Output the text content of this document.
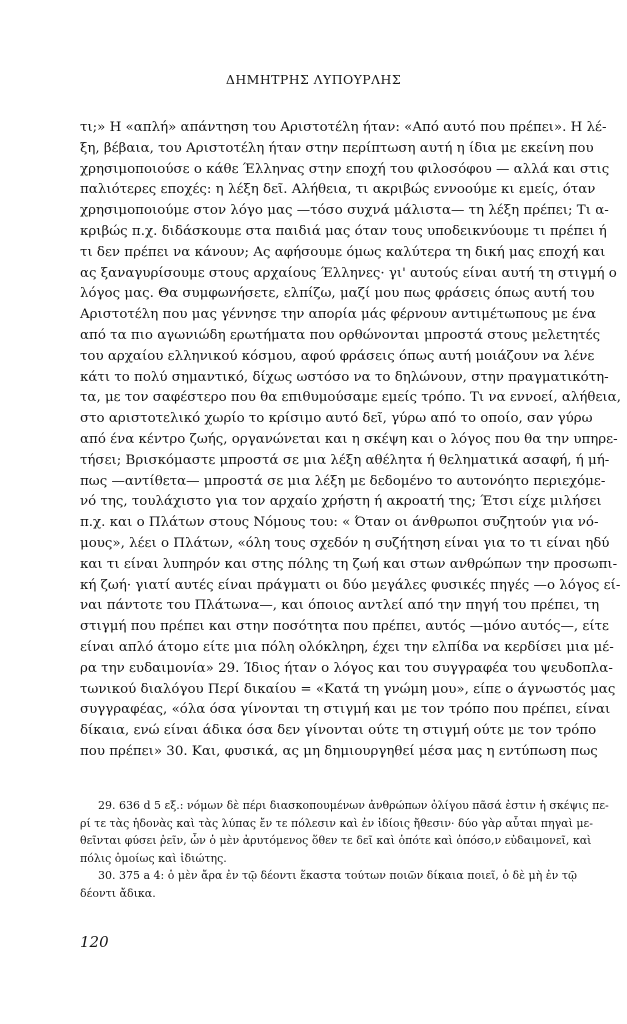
ΔΗΜΗΤΡΗΣ ΛΥΠΟΥΡΛΗΣ
τι;» Η «απλή» απάντηση του Αριστοτέλη ήταν: «Από αυτό που πρέπει». Η λέ-
ξη, βέβαια, του Αριστοτέλη ήταν στην περίπτωση αυτή η ίδια με εκείνη που
χρησιμοποιούσε ο κάθε Έλληνας στην εποχή του φιλοσόφου — αλλά και στις
παλιότερες εποχές: η λέξη δεῖ. Αλήθεια, τι ακριβώς εννοούμε κι εμείς, όταν
χρησιμοποιούμε στον λόγο μας —τόσο συχνά μάλιστα— τη λέξη πρέπει; Τι α-
κριβώς π.χ. διδάσκουμε στα παιδιά μας όταν τους υποδεικνύουμε τι πρέπει ή
τι δεν πρέπει να κάνουν; Ας αφήσουμε όμως καλύτερα τη δική μας εποχή και
ας ξαναγυρίσουμε στους αρχαίους Έλληνες· γι' αυτούς είναι αυτή τη στιγμή ο
λόγος μας. Θα συμφωνήσετε, ελπίζω, μαζί μου πως φράσεις όπως αυτή του
Αριστοτέλη που μας γέννησε την απορία μάς φέρνουν αντιμέτωπους με ένα
από τα πιο αγωνιώδη ερωτήματα που ορθώνονται μπροστά στους μελετητές
του αρχαίου ελληνικού κόσμου, αφού φράσεις όπως αυτή μοιάζουν να λένε
κάτι το πολύ σημαντικό, δίχως ωστόσο να το δηλώνουν, στην πραγματικότη-
τα, με τον σαφέστερο που θα επιθυμούσαμε εμείς τρόπο. Τι να εννοεί, αλήθεια,
στο αριστοτελικό χωρίο το κρίσιμο αυτό δεῖ, γύρω από το οποίο, σαν γύρω
από ένα κέντρο ζωής, οργανώνεται και η σκέψη και ο λόγος που θα την υπηρε-
τήσει; Βρισκόμαστε μπροστά σε μια λέξη αθέλητα ή θεληματικά ασαφή, ή μή-
πως —αντίθετα— μπροστά σε μια λέξη με δεδομένο το αυτονόητο περιεχόμε-
νό της, τουλάχιστο για τον αρχαίο χρήστη ή ακροατή της; Έτσι είχε μιλήσει
π.χ. και ο Πλάτων στους Νόμους του: « Όταν οι άνθρωποι συζητούν για νό-
μους», λέει ο Πλάτων, «όλη τους σχεδόν η συζήτηση είναι για το τι είναι ηδύ
και τι είναι λυπηρόν και στης πόλης τη ζωή και στων ανθρώπων την προσωπι-
κή ζωή· γιατί αυτές είναι πράγματι οι δύο μεγάλες φυσικές πηγές —ο λόγος εί-
ναι πάντοτε του Πλάτωνα—, και όποιος αντλεί από την πηγή του πρέπει, τη
στιγμή που πρέπει και στην ποσότητα που πρέπει, αυτός —μόνο αυτός—, είτε
είναι απλό άτομο είτε μια πόλη ολόκληρη, έχει την ελπίδα να κερδίσει μια μέ-
ρα την ευδαιμονία» 29. Ίδιος ήταν ο λόγος και του συγγραφέα του ψευδοπλα-
τωνικού διαλόγου Περί δικαίου = «Κατά τη γνώμη μου», είπε ο άγνωστός μας
συγγραφέας, «όλα όσα γίνονται τη στιγμή και με τον τρόπο που πρέπει, είναι
δίκαια, ενώ είναι άδικα όσα δεν γίνονται ούτε τη στιγμή ούτε με τον τρόπο
που πρέπει» 30. Και, φυσικά, ας μη δημιουργηθεί μέσα μας η εντύπωση πως
29. 636 d 5 εξ.: νόμων δὲ πέρι διασκοπουμένων ἀνθρώπων ὀλίγου πᾶσά ἐστιν ἡ σκέψις πε-
ρί τε τὰς ἡδονὰς καὶ τὰς λύπας ἔν τε πόλεσιν καὶ ἐν ἰδίοις ἤθεσιν· δύο γὰρ αὗται πηγαὶ με-
θεῖνται φύσει ῥεῖν, ὧν ὁ μὲν ἀρυτόμενος ὅθεν τε δεῖ καὶ ὁπότε καὶ ὁπόσο,ν εὐδαιμονεῖ, καὶ
πόλις ὁμοίως καὶ ἰδιώτης.
30. 375 a 4: ὁ μὲν ἄρα ἐν τῷ δέοντι ἕκαστα τούτων ποιῶν δίκαια ποιεῖ, ὁ δὲ μὴ ἐν τῷ
δέοντι ἄδικα.
120
